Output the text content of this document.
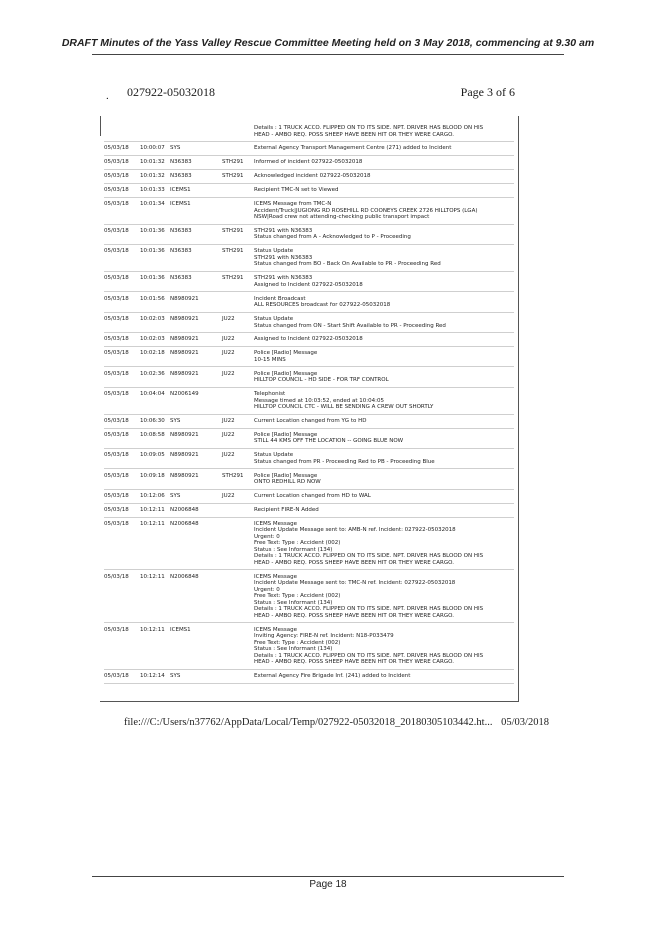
DRAFT Minutes of the Yass Valley Rescue Committee Meeting held on 3 May 2018, commencing at 9.30 am
. 027922-05032018	Page 3 of 6
Details : 1 TRUCK ACCO. FLIPPED ON TO ITS SIDE. NPT. DRIVER HAS BLOOD ON HIS
HEAD - AMBO REQ. POSS SHEEP HAVE BEEN HIT OR THEY WERE CARGO.
05/03/18	10:00:07 SYS	External Agency Transport Management Centre (271) added to Incident
05/03/18	10:01:32 N36383	STH291	Informed of incident 027922-05032018
05/03/18	10:01:32 N36383	STH291	Acknowledged incident 027922-05032018
05/03/18	10:01:33 ICEMS1	Recipient TMC-N set to Viewed
05/03/18	10:01:34 ICEMS1	ICEMS Message from TMC-N
Accident/Truck|JUGIONG RD ROSEHILL RD COONEYS CREEK 2726 HILLTOPS (LGA)
NSW|Road crew not attending-checking public transport impact
05/03/18	10:01:36 N36383	STH291	STH291 with N36383
Status changed from A - Acknowledged to P - Proceeding
05/03/18	10:01:36 N36383	STH291	Status Update
STH291 with N36383
Status changed from BO - Back On Available to PR - Proceeding Red
05/03/18	10:01:36 N36383	STH291	STH291 with N36383
Assigned to Incident 027922-05032018
05/03/18	10:01:56 N8980921	Incident Broadcast
ALL RESOURCES broadcast for 027922-05032018
05/03/18	10:02:03 N8980921	JU22	Status Update
Status changed from ON - Start Shift Available to PR - Proceeding Red
05/03/18	10:02:03 N8980921	JU22	Assigned to Incident 027922-05032018
05/03/18	10:02:18 N8980921	JU22	Police [Radio] Message
10-15 MINS
05/03/18	10:02:36 N8980921	JU22	Police [Radio] Message
HILLTOP COUNCIL - HD SIDE - FOR TRF CONTROL
05/03/18	10:04:04 N2006149	Telephonist
Message timed at 10:03:52, ended at 10:04:05
HILLTOP COUNCIL CTC - WILL BE SENDING A CREW OUT SHORTLY
05/03/18	10:06:30 SYS	JU22	Current Location changed from YG to HD
05/03/18	10:08:58 N8980921	JU22	Police [Radio] Message
STILL 44 KMS OFF THE LOCATION -- GOING BLUE NOW
05/03/18	10:09:05 N8980921	JU22	Status Update
Status changed from PR - Proceeding Red to PB - Proceeding Blue
05/03/18	10:09:18 N8980921	STH291	Police [Radio] Message
ONTO REDHILL RD NOW
05/03/18	10:12:06 SYS	JU22	Current Location changed from HD to WAL
05/03/18	10:12:11 N2006848	Recipient FIRE-N Added
05/03/18	10:12:11 N2006848	ICEMS Message
Incident Update Message sent to: AMB-N ref. Incident: 027922-05032018
Urgent: 0
Free Text: Type : Accident (002)
Status : See Informant (134)
Details : 1 TRUCK ACCO. FLIPPED ON TO ITS SIDE. NPT. DRIVER HAS BLOOD ON HIS
HEAD - AMBO REQ. POSS SHEEP HAVE BEEN HIT OR THEY WERE CARGO.
05/03/18	10:12:11 N2006848	ICEMS Message
Incident Update Message sent to: TMC-N ref. Incident: 027922-05032018
Urgent: 0
Free Text: Type : Accident (002)
Status : See Informant (134)
Details : 1 TRUCK ACCO. FLIPPED ON TO ITS SIDE. NPT. DRIVER HAS BLOOD ON HIS
HEAD - AMBO REQ. POSS SHEEP HAVE BEEN HIT OR THEY WERE CARGO.
05/03/18	10:12:11 ICEMS1	ICEMS Message
Inviting Agency: FIRE-N ref. Incident: N18-P033479
Free Text: Type : Accident (002)
Status : See Informant (134)
Details : 1 TRUCK ACCO. FLIPPED ON TO ITS SIDE. NPT. DRIVER HAS BLOOD ON HIS
HEAD - AMBO REQ. POSS SHEEP HAVE BEEN HIT OR THEY WERE CARGO.
05/03/18	10:12:14 SYS	External Agency Fire Brigade Inf. (241) added to Incident
file:///C:/Users/n37762/AppData/Local/Temp/027922-05032018_20180305103442.ht... 05/03/2018
Page 18
